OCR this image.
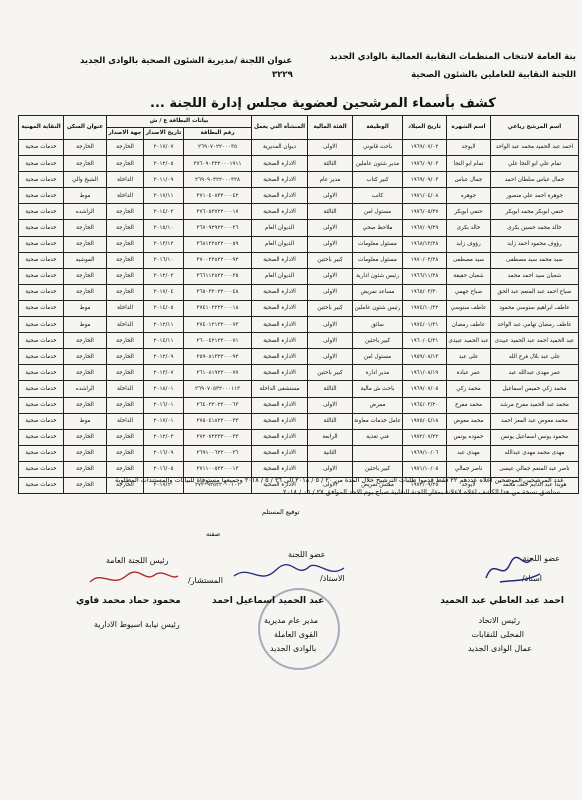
بنة العامة لانتخاب المنظمات النقابية العمالية بالوادي الجديد
اللجنة النقابية للعاملين بالشئون الصحية
عنوان اللجنة /مديرية الشئون الصحية بالوادى الجديد
٣٢٢٩
كشف بأسماء المرشحين لعضوية مجلس إدارة اللجنة ...
اسم المرشح رباعي	اسم الشهرة	تاريخ الميلاد	الوظيفة	الفئة المالية	المنشأة التي يعمل	بيانات البطاقة ع / ش			عنوان السكن	النقابة المهنية
						رقم البطاقة	تاريخ الاصدار	جهة الاصدار		
احمد عبد الحميد محمد عبد الواحد	لايوجد	١٩٦٩/٠٧/٠٢	باحث قانوني	الاولى	ديوان المديرية	٢٦٩٠٧٠٢٢٠٠٠٣٥	٢٠١٧/٠٧	الخارجة	الخارجة	خدمات صحية
تمام علي ابو النجا علي	تمام ابو النجا	١٩٧٦/٠٩/٠٣	مدير شئون عاملين	الثالثة	الادارة الصحية	٢٧٦٠٩٠٣٢٢٠٠٠١٩١١	٢٠١٢/٠٥	الخارجة	الخارجة	خدمات صحية
جمال عباس سلطان احمد	جمال عباس	١٩٦٩/٠٩/٠٣	كبير كتاب	مدير عام	الادارة الصحية	٢٦٩٠٩٠٣٢٢٠٠٠٣٢٨	٢٠١١/٠٩	الداخلة	الشيخ والي	خدمات صحية
جوهرة احمد علي منصور	جوهره	١٩٧١/٠٤/٠٨	كاتب	الاولى	الادارة الصحية	٢٧١٠٤٠٨٣٢٠٠٠٤٢	٢٠١٧/١١	الداخلة	موط	خدمات صحية
حنفي ابوبكر محمد ابوبكر	حنفي ابوبكر	١٩٧٦/٠٥/٢٧	مسئول امن	الثالثة	الادارة الصحية	٢٧٦٠٥٢٧٢٢٠٠٠١٧	٢٠١٤/٠٢	الخارجة	الراشده	خدمات صحية
خالد محمد حسين بكرى	خالد بكرى	١٩٦٧/٠٩/٢٩	ملاحظ صحي	الاولى	الديوان العام	٢٦٧٠٩٢٩٢٢٠٠٠٢٦	٢٠١٥/١٠	الخارجة	الخارجة	خدمات صحية
رؤوف محمود احمد زايد	رؤوف زايد	١٩٦٨/١٢/٢٨	مسئول معلومات	الاولى	الديوان العام	٢٦٨١٢٢٨٢٢٠٠٠٥٩	٢٠١٣/١٢	الخارجة	الخارجة	خدمات صحية
سيد محمد سيد مصطفى	سيد مصطفى	١٩٧٠/٠٢/٢٨	مسئول معلومات	كبير باحثين	الادارة الصحية	٢٧٠٠٢٢٨٢٢٠٠٠٩٢	٢٠١٦/١٠	الخارجة	الموشيه	خدمات صحية
شعبان سيد احمد محمد	شعبان حقيقة	١٩٦٦/١١/٢٨	رئيس شئون ادارية	الاولى	الديوان العام	٢٦٦١١٢٨٢٢٠٠٠٣٥	٢٠١٢/٠٢	الخارجة	الخارجة	خدمات صحية
صباح احمد عبد المنعم عبد الحق	صباح جهمي	١٩٦٥/٠٣/٣٠	مساعد تمريض	الاولى	الادارة الصحية	٢٦٥٠٣٣٠٢٢٠٠٠٤٨	٢٠١٧/٠٤	الخارجة	الخارجة	خدمات صحية
عاطف ابراهيم سنوسي محمود	عاطف سنوسي	١٩٧٤/١٠/٢٢	رئيس شئون عاملين	كبير باحثين	الادارة الصحية	٢٧٤١٠٢٢٢٢٠٠٠١٨	٢٠١٤/٠٥	الداخلة	موط	خدمات صحية
عاطف رمضان تهامي عبد الواحد	عاطف رمضان	١٩٧٤/٠١/٢١	سائق	الاولى	الادارة الصحية	٢٧٤٠١٢١٣٢٠٠٠٧٣	٢٠١٢/١١	الداخلة	موط	خدمات صحية
عبد الحميد احمد عبد الحميد عبيدى	عبد الحميد عبيدى	١٩٦٠/٠٤/٢١	كبير باحثين	الاولى	الادارة الصحية	٢٦٠٠٤٢١٢٢٠٠٠٧١	٢٠١٤/١١	الخارجة	الخارجة	خدمات صحية
على عبد بلال فرج الله	على عبد	١٩٥٩/٠٨/١٣	مسئول امن	الاولى	الادارة الصحية	٢٥٩٠٨١٣٢٢٠٠٠٩٢	٢٠١٢/٠٩	الخارجة	الخارجة	خدمات صحية
عمر مهدى عبدالله عبد	عمر عبادة	١٩٦١/٠٨/١٩	مدير ادارة	كبير باحثين	الادارة الصحية	٢٦١٠٨١٩٢٢٠٠٠٧٧	٢٠١٣/٠٧	الخارجة	الخارجة	خدمات صحية
محمد زكي خميس اسماعيل	محمد زكي	١٩٦٩/٠٧/٠٥	باحث ش مالية	الثالثة	مستشفى الداخلة	٢٦٩٠٧٠٥٣٢٠٠٠١١٣	٢٠١٨/٠١	الداخلة	الراشده	خدمات صحية
محمد عبد الحميد مفرح مرشد	محمد مفرح	١٩٦٤/٠٣/٢٠	ممرض	الاولى	الادارة الصحية	٢٦٤٠٣٢٠٢٢٠٠٠٦٣	٢٠١٦/٠١	الخارجة	الخارجة	خدمات صحية
محمد معوض عبد المعز احمد	محمد معوض	١٩٧٥/٠٤/١٨	عامل خدمات معاونة	الثالثة	الادارة الصحية	٢٧٥٠٤١٨٢٢٠٠٠٣٣	٢٠١٧/٠١	الداخلة	موط	خدمات صحية
محمود يونس اسماعيل يونس	حموده يونس	١٩٧٢/٠٧/٢٢	فني تغذية	الرابعة	الادارة الصحية	٢٧٢٠٧٢٢٣٢٠٠٠٣٣	٢٠١٢/٠٣	الخارجة	الخارجة	خدمات صحية
مهدى محمد مهدى عبدالله	مهدى عبد	١٩٦٩/١٠/٠٦		الثانية	الادارة الصحية	٢٦٩١٠٠٦٢٢٠٠٠٣٦	٢٠١٦/٠٩	الخارجة	الخارجة	خدمات صحية
ناصر عبد المنعم جمالي عيسى	ناصر جمالي	١٩٧١/١٠/٠٥	كبير باحثين	الاولى	الادارة الصحية	٢٧١١٠٠٥٢٢٠٠٠١٣	٢٠١٦/٠٥	الخارجة	الخارجة	خدمات صحية
هويدا عبد الدايم خلف محمد	لايوجد	١٩٧٣/٠٩/٢٥	مفتش تمريض	الاولى	الادارة الصحية	٢٧٣٠٩٢٥٢٢٠٠٠١٠١	٢٠١٧/١٠	الخارجة	الخارجة	خدمات صحية
عدد المرشحين الموضحين اعلاه عددهم ٢٢ فقط قدموا طلبات الترشيح خلال المدة من ٢٠ / ٥ / ٢٠١٨ الى ٢٦ / ٥ / ٢٠١٨ وجميعها مستوفاة للبيانات والمستندات المطلوبة
ستلصق نسخة من هذا الكشف اعلاه لاعلانة بمقار اللجنة النقابية صباح يوم الاحد الموافق ٢٧ / ٠٥ / ٢٠١٨
توقيع المستلم
صفته
عضو اللجنة
استاذ/
احمد عبد العاطي عبد الحميد
رئيس الاتحاد
المحلى للنقابات
عمال الوادى الجديد
عضو اللجنة
الاستاذ/
عبد الحميد اسماعيل احمد
مدير عام مديرية
القوى العاملة
بالوادى الجديد
رئيس اللجنة العامة
المستشار/
محمود حماد محمد فاوي
رئيس نيابة اسيوط الادارية
